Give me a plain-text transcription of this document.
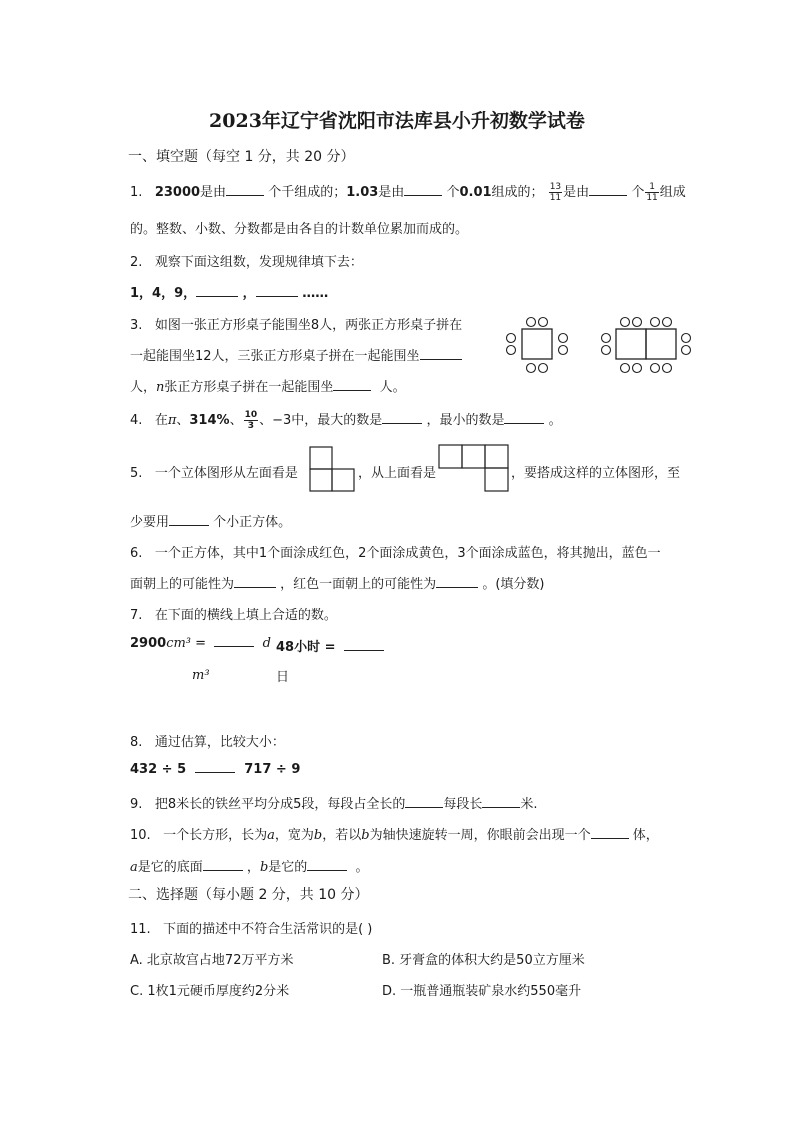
2023年辽宁省沈阳市法库县小升初数学试卷
一、填空题（每空 1 分，共 20 分）
1. 23000是由	个千组成的；1.03是由	个0.01组成的； $\frac{13}{11}$ 是由	个 $\frac{1}{11}$ 组成
的。整数、小数、分数都是由各自的计数单位累加而成的。
2. 观察下面这组数，发现规律填下去：
1，4，9，	，	……
3. 如图一张正方形桌子能围坐8人，两张正方形桌子拼在
一起能围坐12人，三张正方形桌子拼在一起能围坐
人，n张正方形桌子拼在一起能围坐	人。
4. 在π、314%、 $\frac{10}{3}$ 、−3中，最大的数是	，最小的数是	。
5. 一个立体图形从左面看是	，从上面看是	，要搭成这样的立体图形，至
少要用	个小正方体。
6. 一个正方体，其中1个面涂成红色，2个面涂成黄色，3个面涂成蓝色，将其抛出，蓝色一
面朝上的可能性为	，红色一面朝上的可能性为	。(填分数)
7. 在下面的横线上填上合适的数。
2900cm³ =	d 48小时 =
m³	日
8. 通过估算，比较大小：
432 ÷ 5	717 ÷ 9
9. 把8米长的铁丝平均分成5段，每段占全长的	每段长	米.
10. 一个长方形，长为a，宽为b，若以b为轴快速旋转一周，你眼前会出现一个	体，
a是它的底面	，b是它的	。
二、选择题（每小题 2 分，共 10 分）
11. 下面的描述中不符合生活常识的是( )
A. 北京故宫占地72万平方米	B. 牙膏盒的体积大约是50立方厘米
C. 1枚1元硬币厚度约2分米	D. 一瓶普通瓶装矿泉水约550毫升
